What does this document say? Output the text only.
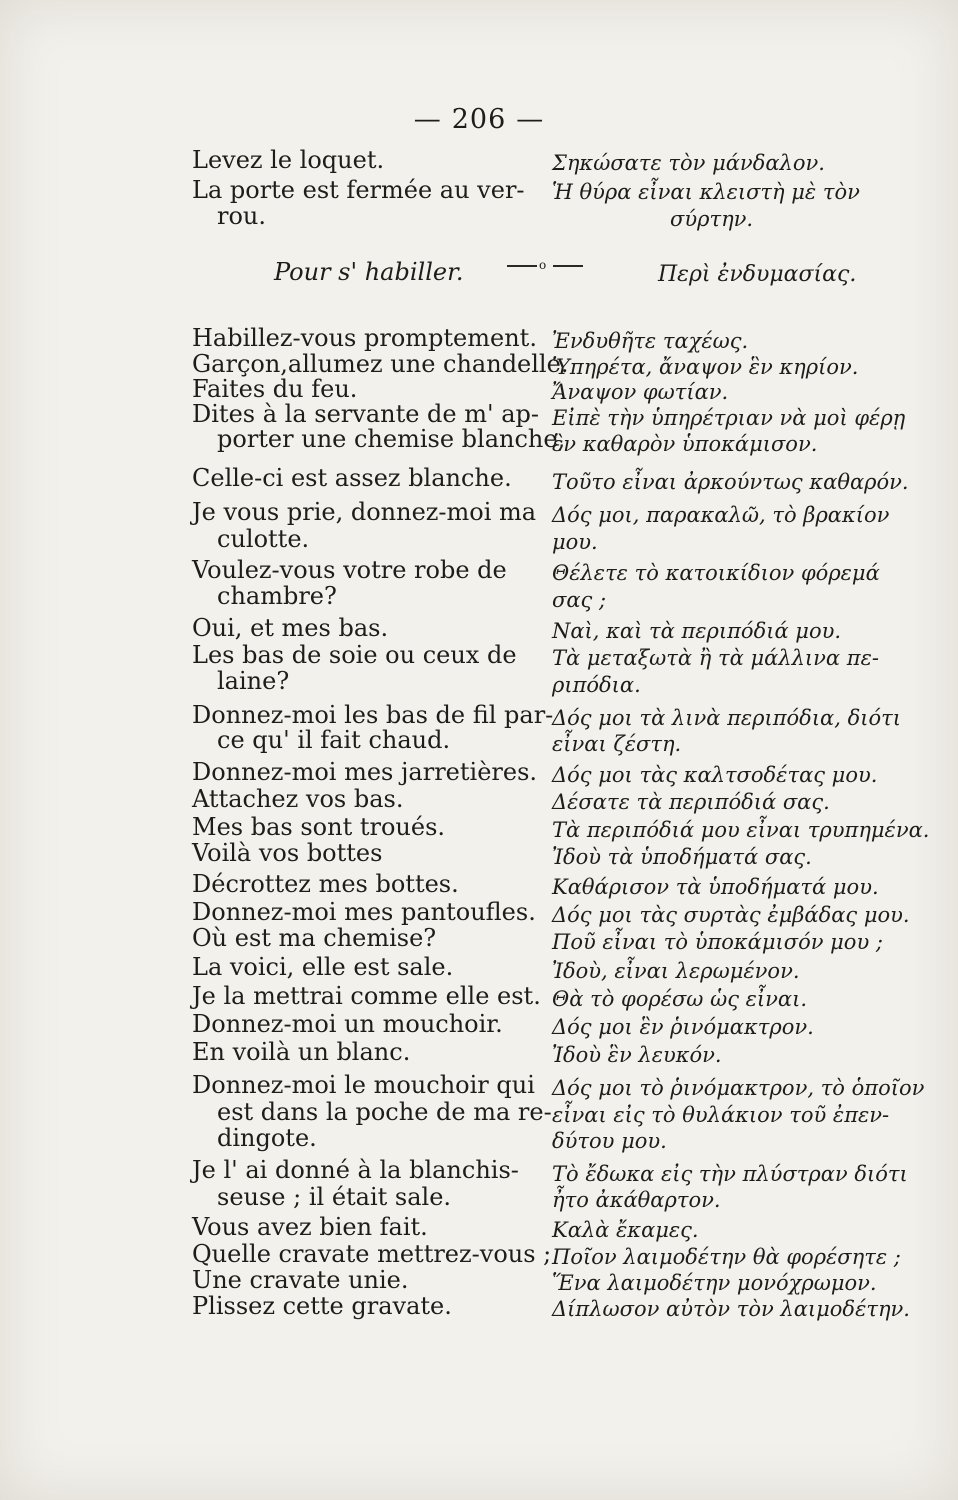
— 206 —
o
Levez le loquet.
La porte est fermée au ver-
rou.
Pour s' habiller.
Habillez-vous promptement.
Garçon,allumez une chandelle.
Faites du feu.
Dites à la servante de m' ap-
porter une chemise blanche,
Celle-ci est assez blanche.
Je vous prie, donnez-moi ma
culotte.
Voulez-vous votre robe de
chambre?
Oui, et mes bas.
Les bas de soie ou ceux de
laine?
Donnez-moi les bas de fil par-
ce qu' il fait chaud.
Donnez-moi mes jarretières.
Attachez vos bas.
Mes bas sont troués.
Voilà vos bottes
Décrottez mes bottes.
Donnez-moi mes pantoufles.
Où est ma chemise?
La voici, elle est sale.
Je la mettrai comme elle est.
Donnez-moi un mouchoir.
En voilà un blanc.
Donnez-moi le mouchoir qui
est dans la poche de ma re-
dingote.
Je l' ai donné à la blanchis-
seuse ; il était sale.
Vous avez bien fait.
Quelle cravate mettrez-vous ;
Une cravate unie.
Plissez cette gravate.
Σηκώσατε τὸν μάνδαλον.
Ἡ θύρα εἶναι κλειστὴ μὲ τὸν
σύρτην.
Περὶ ἐνδυμασίας.
Ἐνδυθῆτε ταχέως.
Ὑπηρέτα, ἄναψον ἓν κηρίον.
Ἄναψον φωτίαν.
Εἰπὲ τὴν ὑπηρέτριαν νὰ μοὶ φέρῃ
ἓν καθαρὸν ὑποκάμισον.
Τοῦτο εἶναι ἀρκούντως καθαρόν.
Δός μοι, παρακαλῶ, τὸ βρακίον
μου.
Θέλετε τὸ κατοικίδιον φόρεμά
σας ;
Ναὶ, καὶ τὰ περιπόδιά μου.
Τὰ μεταξωτὰ ἢ τὰ μάλλινα πε-
ριπόδια.
Δός μοι τὰ λινὰ περιπόδια, διότι
εἶναι ζέστη.
Δός μοι τὰς καλτσοδέτας μου.
Δέσατε τὰ περιπόδιά σας.
Τὰ περιπόδιά μου εἶναι τρυπημένα.
Ἰδοὺ τὰ ὑποδήματά σας.
Καθάρισον τὰ ὑποδήματά μου.
Δός μοι τὰς συρτὰς ἐμβάδας μου.
Ποῦ εἶναι τὸ ὑποκάμισόν μου ;
Ἰδοὺ, εἶναι λερωμένον.
Θὰ τὸ φορέσω ὡς εἶναι.
Δός μοι ἓν ῥινόμακτρον.
Ἰδοὺ ἓν λευκόν.
Δός μοι τὸ ῥινόμακτρον, τὸ ὁποῖον
εἶναι εἰς τὸ θυλάκιον τοῦ ἐπεν-
δύτου μου.
Τὸ ἔδωκα εἰς τὴν πλύστραν διότι
ἦτο ἀκάθαρτον.
Καλὰ ἔκαμες.
Ποῖον λαιμοδέτην θὰ φορέσητε ;
Ἕνα λαιμοδέτην μονόχρωμον.
Δίπλωσον αὐτὸν τὸν λαιμοδέτην.
